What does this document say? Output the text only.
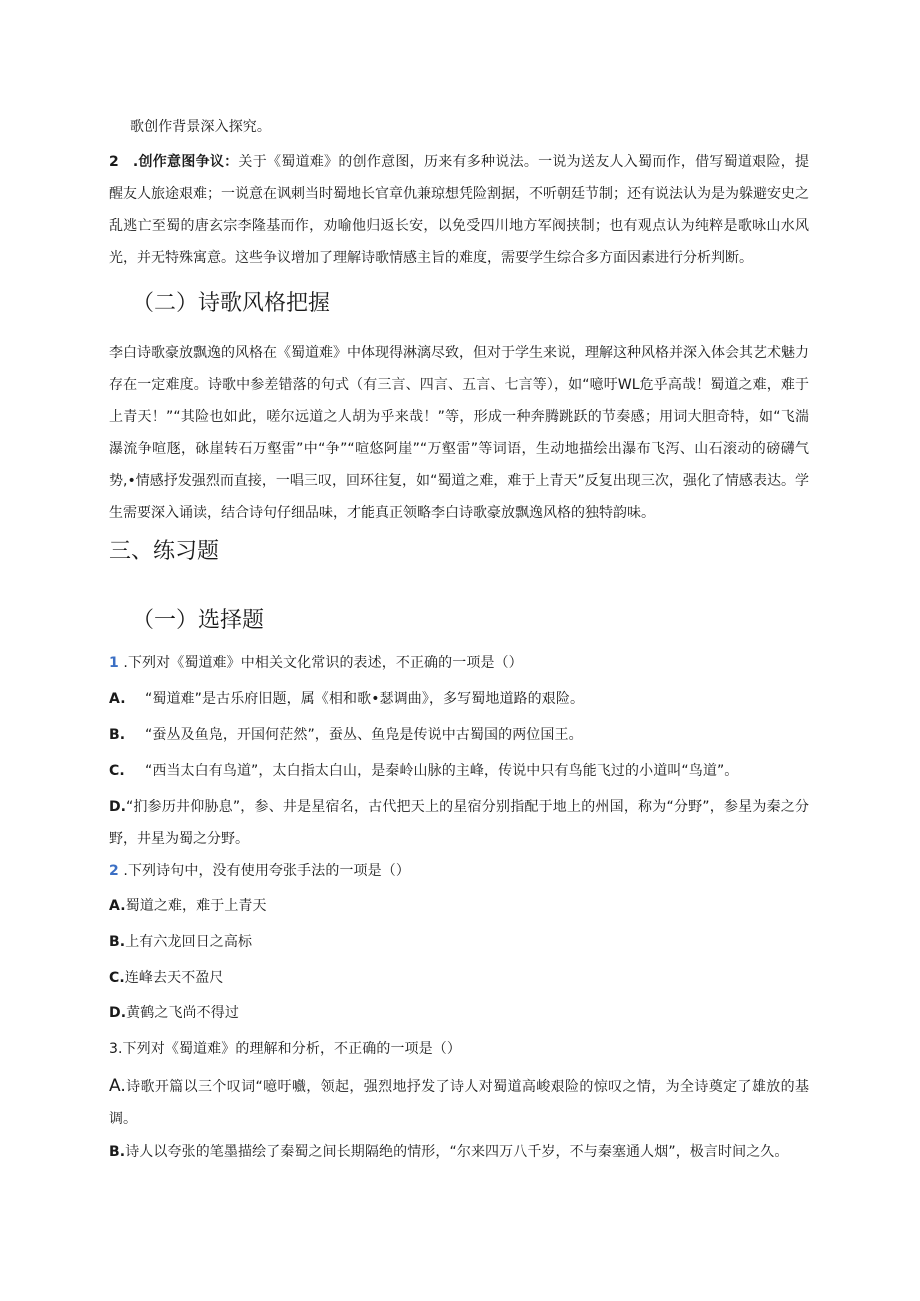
歌创作背景深入探究。
2 .创作意图争议：关于《蜀道难》的创作意图，历来有多种说法。一说为送友人入蜀而作，借写蜀道艰险，提醒友人旅途艰难；一说意在讽刺当时蜀地长官章仇兼琼想凭险割据，不听朝廷节制；还有说法认为是为躲避安史之乱逃亡至蜀的唐玄宗李隆基而作，劝喻他归返长安，以免受四川地方军阀挟制；也有观点认为纯粹是歌咏山水风光，并无特殊寓意。这些争议增加了理解诗歌情感主旨的难度，需要学生综合多方面因素进行分析判断。
（二）诗歌风格把握
李白诗歌豪放飘逸的风格在《蜀道难》中体现得淋漓尽致，但对于学生来说，理解这种风格并深入体会其艺术魅力存在一定难度。诗歌中参差错落的句式（有三言、四言、五言、七言等），如“噫吁WL危乎高哉！蜀道之难，难于上青天！”“其险也如此，嗟尔远道之人胡为乎来哉！”等，形成一种奔腾跳跃的节奏感；用词大胆奇特，如“飞湍瀑流争喧豗，砯崖转石万壑雷”中“争”“喧悠阿崖”“万壑雷”等词语，生动地描绘出瀑布飞泻、山石滚动的磅礴气势,•情感抒发强烈而直接，一唱三叹，回环往复，如“蜀道之难，难于上青天”反复出现三次，强化了情感表达。学生需要深入诵读，结合诗句仔细品味，才能真正领略李白诗歌豪放飘逸风格的独特韵味。
三、练习题
（一）选择题
1 .下列对《蜀道难》中相关文化常识的表述，不正确的一项是（）
A. “蜀道难”是古乐府旧题，属《相和歌•瑟调曲》，多写蜀地道路的艰险。
B. “蚕丛及鱼凫，开国何茫然”，蚕丛、鱼凫是传说中古蜀国的两位国王。
C. “西当太白有鸟道”，太白指太白山，是秦岭山脉的主峰，传说中只有鸟能飞过的小道叫“鸟道”。
D.“扪参历井仰胁息”，参、井是星宿名，古代把天上的星宿分别指配于地上的州国，称为“分野”，参星为秦之分野，井星为蜀之分野。
2 .下列诗句中，没有使用夸张手法的一项是（）
A.蜀道之难，难于上青天
B.上有六龙回日之高标
C.连峰去天不盈尺
D.黄鹤之飞尚不得过
3.下列对《蜀道难》的理解和分析，不正确的一项是（）
A.诗歌开篇以三个叹词“噫吁嚱，领起，强烈地抒发了诗人对蜀道高峻艰险的惊叹之情，为全诗奠定了雄放的基调。
B.诗人以夸张的笔墨描绘了秦蜀之间长期隔绝的情形，“尔来四万八千岁，不与秦塞通人烟”，极言时间之久。
